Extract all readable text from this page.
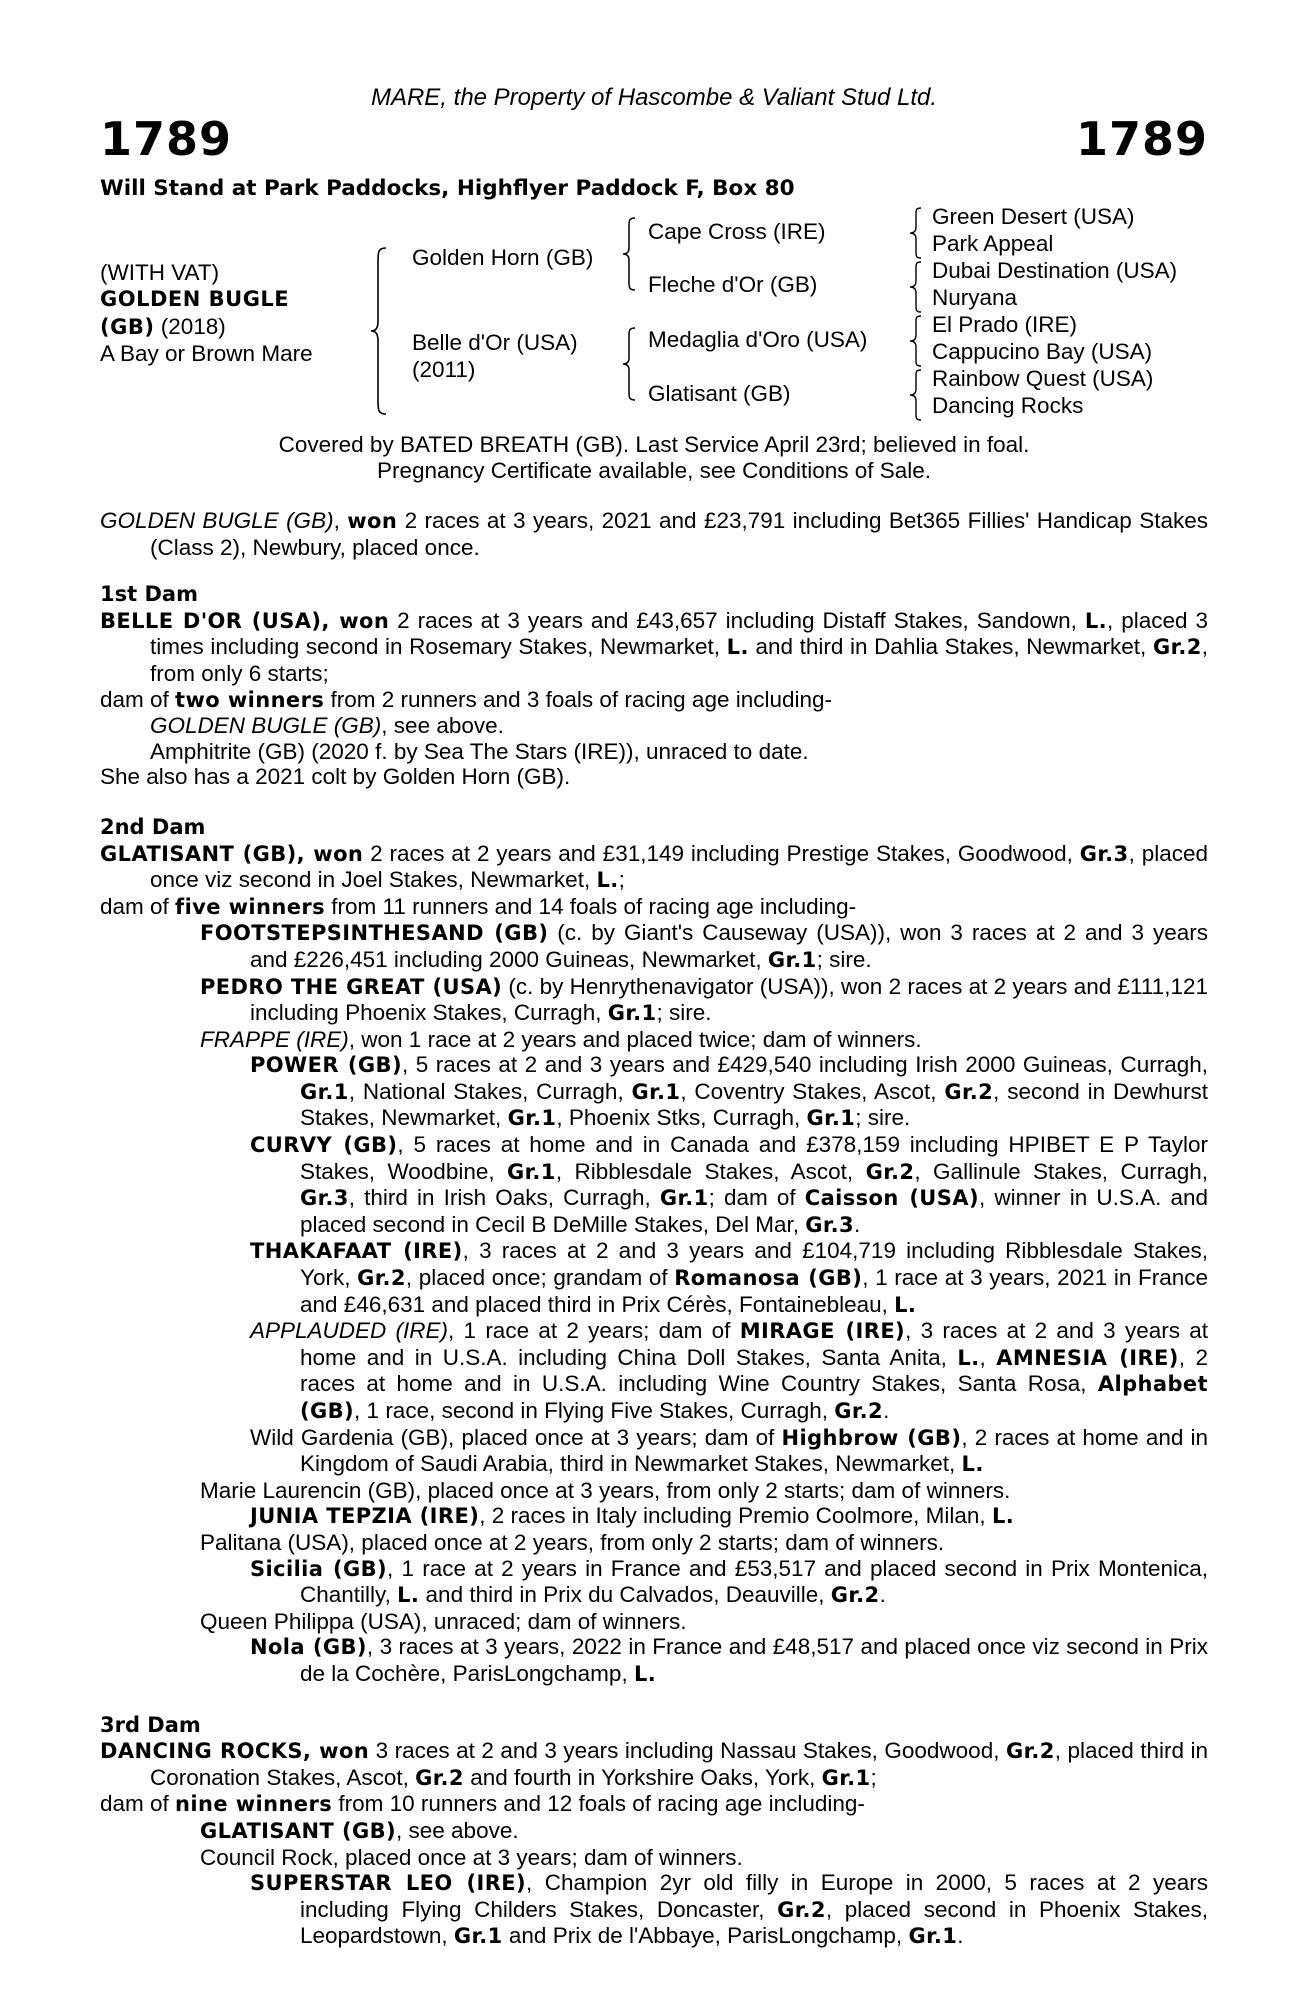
MARE, the Property of Hascombe & Valiant Stud Ltd.
1789	1789
Will Stand at Park Paddocks, Highflyer Paddock F, Box 80
(WITH VAT)
GOLDEN BUGLE
(GB) (2018)
A Bay or Brown Mare
Golden Horn (GB)
Belle d'Or (USA)
(2011)
Cape Cross (IRE)
Fleche d'Or (GB)
Medaglia d'Oro (USA)
Glatisant (GB)
Green Desert (USA)
Park Appeal
Dubai Destination (USA)
Nuryana
El Prado (IRE)
Cappucino Bay (USA)
Rainbow Quest (USA)
Dancing Rocks
Covered by BATED BREATH (GB). Last Service April 23rd; believed in foal.
Pregnancy Certificate available, see Conditions of Sale.
GOLDEN BUGLE (GB), won 2 races at 3 years, 2021 and £23,791 including Bet365 Fillies' Handicap Stakes (Class 2), Newbury, placed once.
1st Dam
BELLE D'OR (USA), won 2 races at 3 years and £43,657 including Distaff Stakes, Sandown, L., placed 3 times including second in Rosemary Stakes, Newmarket, L. and third in Dahlia Stakes, Newmarket, Gr.2, from only 6 starts;
dam of two winners from 2 runners and 3 foals of racing age including-
GOLDEN BUGLE (GB), see above.
Amphitrite (GB) (2020 f. by Sea The Stars (IRE)), unraced to date.
She also has a 2021 colt by Golden Horn (GB).
2nd Dam
GLATISANT (GB), won 2 races at 2 years and £31,149 including Prestige Stakes, Goodwood, Gr.3, placed once viz second in Joel Stakes, Newmarket, L.;
dam of five winners from 11 runners and 14 foals of racing age including-
FOOTSTEPSINTHESAND (GB) (c. by Giant's Causeway (USA)), won 3 races at 2 and 3 years and £226,451 including 2000 Guineas, Newmarket, Gr.1; sire.
PEDRO THE GREAT (USA) (c. by Henrythenavigator (USA)), won 2 races at 2 years and £111,121 including Phoenix Stakes, Curragh, Gr.1; sire.
FRAPPE (IRE), won 1 race at 2 years and placed twice; dam of winners.
POWER (GB), 5 races at 2 and 3 years and £429,540 including Irish 2000 Guineas, Curragh, Gr.1, National Stakes, Curragh, Gr.1, Coventry Stakes, Ascot, Gr.2, second in Dewhurst Stakes, Newmarket, Gr.1, Phoenix Stks, Curragh, Gr.1; sire.
CURVY (GB), 5 races at home and in Canada and £378,159 including HPIBET E P Taylor Stakes, Woodbine, Gr.1, Ribblesdale Stakes, Ascot, Gr.2, Gallinule Stakes, Curragh, Gr.3, third in Irish Oaks, Curragh, Gr.1; dam of Caisson (USA), winner in U.S.A. and placed second in Cecil B DeMille Stakes, Del Mar, Gr.3.
THAKAFAAT (IRE), 3 races at 2 and 3 years and £104,719 including Ribblesdale Stakes, York, Gr.2, placed once; grandam of Romanosa (GB), 1 race at 3 years, 2021 in France and £46,631 and placed third in Prix Cérès, Fontainebleau, L.
APPLAUDED (IRE), 1 race at 2 years; dam of MIRAGE (IRE), 3 races at 2 and 3 years at home and in U.S.A. including China Doll Stakes, Santa Anita, L., AMNESIA (IRE), 2 races at home and in U.S.A. including Wine Country Stakes, Santa Rosa, Alphabet (GB), 1 race, second in Flying Five Stakes, Curragh, Gr.2.
Wild Gardenia (GB), placed once at 3 years; dam of Highbrow (GB), 2 races at home and in Kingdom of Saudi Arabia, third in Newmarket Stakes, Newmarket, L.
Marie Laurencin (GB), placed once at 3 years, from only 2 starts; dam of winners.
JUNIA TEPZIA (IRE), 2 races in Italy including Premio Coolmore, Milan, L.
Palitana (USA), placed once at 2 years, from only 2 starts; dam of winners.
Sicilia (GB), 1 race at 2 years in France and £53,517 and placed second in Prix Montenica, Chantilly, L. and third in Prix du Calvados, Deauville, Gr.2.
Queen Philippa (USA), unraced; dam of winners.
Nola (GB), 3 races at 3 years, 2022 in France and £48,517 and placed once viz second in Prix de la Cochère, ParisLongchamp, L.
3rd Dam
DANCING ROCKS, won 3 races at 2 and 3 years including Nassau Stakes, Goodwood, Gr.2, placed third in Coronation Stakes, Ascot, Gr.2 and fourth in Yorkshire Oaks, York, Gr.1;
dam of nine winners from 10 runners and 12 foals of racing age including-
GLATISANT (GB), see above.
Council Rock, placed once at 3 years; dam of winners.
SUPERSTAR LEO (IRE), Champion 2yr old filly in Europe in 2000, 5 races at 2 years including Flying Childers Stakes, Doncaster, Gr.2, placed second in Phoenix Stakes, Leopardstown, Gr.1 and Prix de l'Abbaye, ParisLongchamp, Gr.1.
